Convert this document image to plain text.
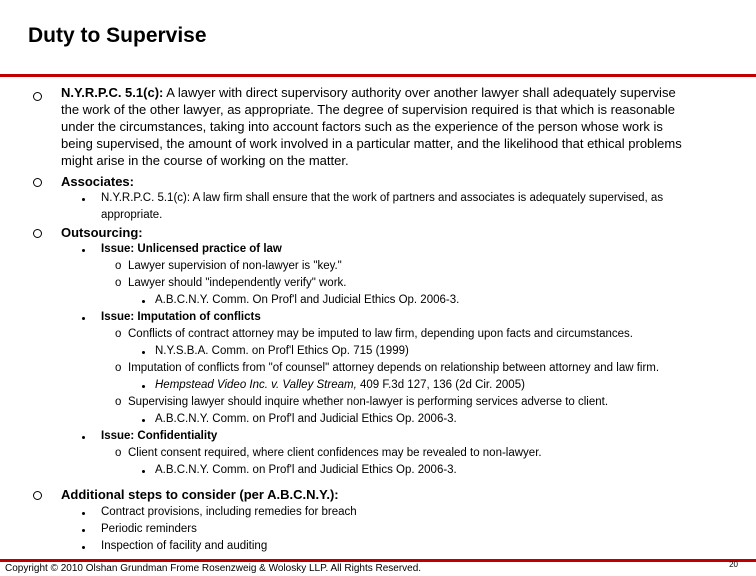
Duty to Supervise
N.Y.R.P.C. 5.1(c): A lawyer with direct supervisory authority over another lawyer shall adequately supervise the work of the other lawyer, as appropriate. The degree of supervision required is that which is reasonable under the circumstances, taking into account factors such as the experience of the person whose work is being supervised, the amount of work involved in a particular matter, and the likelihood that ethical problems might arise in the course of working on the matter.
Associates:
N.Y.R.P.C. 5.1(c): A law firm shall ensure that the work of partners and associates is adequately supervised, as appropriate.
Outsourcing:
Issue: Unlicensed practice of law
o Lawyer supervision of non-lawyer is "key."
o Lawyer should "independently verify" work.
A.B.C.N.Y. Comm. On Prof'l and Judicial Ethics Op. 2006-3.
Issue: Imputation of conflicts
o Conflicts of contract attorney may be imputed to law firm, depending upon facts and circumstances.
N.Y.S.B.A. Comm. on Prof'l Ethics Op. 715 (1999)
o Imputation of conflicts from "of counsel" attorney depends on relationship between attorney and law firm.
Hempstead Video Inc. v. Valley Stream, 409 F.3d 127, 136 (2d Cir. 2005)
o Supervising lawyer should inquire whether non-lawyer is performing services adverse to client.
A.B.C.N.Y. Comm. on Prof'l and Judicial Ethics Op. 2006-3.
Issue: Confidentiality
o Client consent required, where client confidences may be revealed to non-lawyer.
A.B.C.N.Y. Comm. on Prof'l and Judicial Ethics Op. 2006-3.
Additional steps to consider (per A.B.C.N.Y.):
Contract provisions, including remedies for breach
Periodic reminders
Inspection of facility and auditing
Copyright © 2010 Olshan Grundman Frome Rosenzweig & Wolosky LLP. All Rights Reserved.	20
